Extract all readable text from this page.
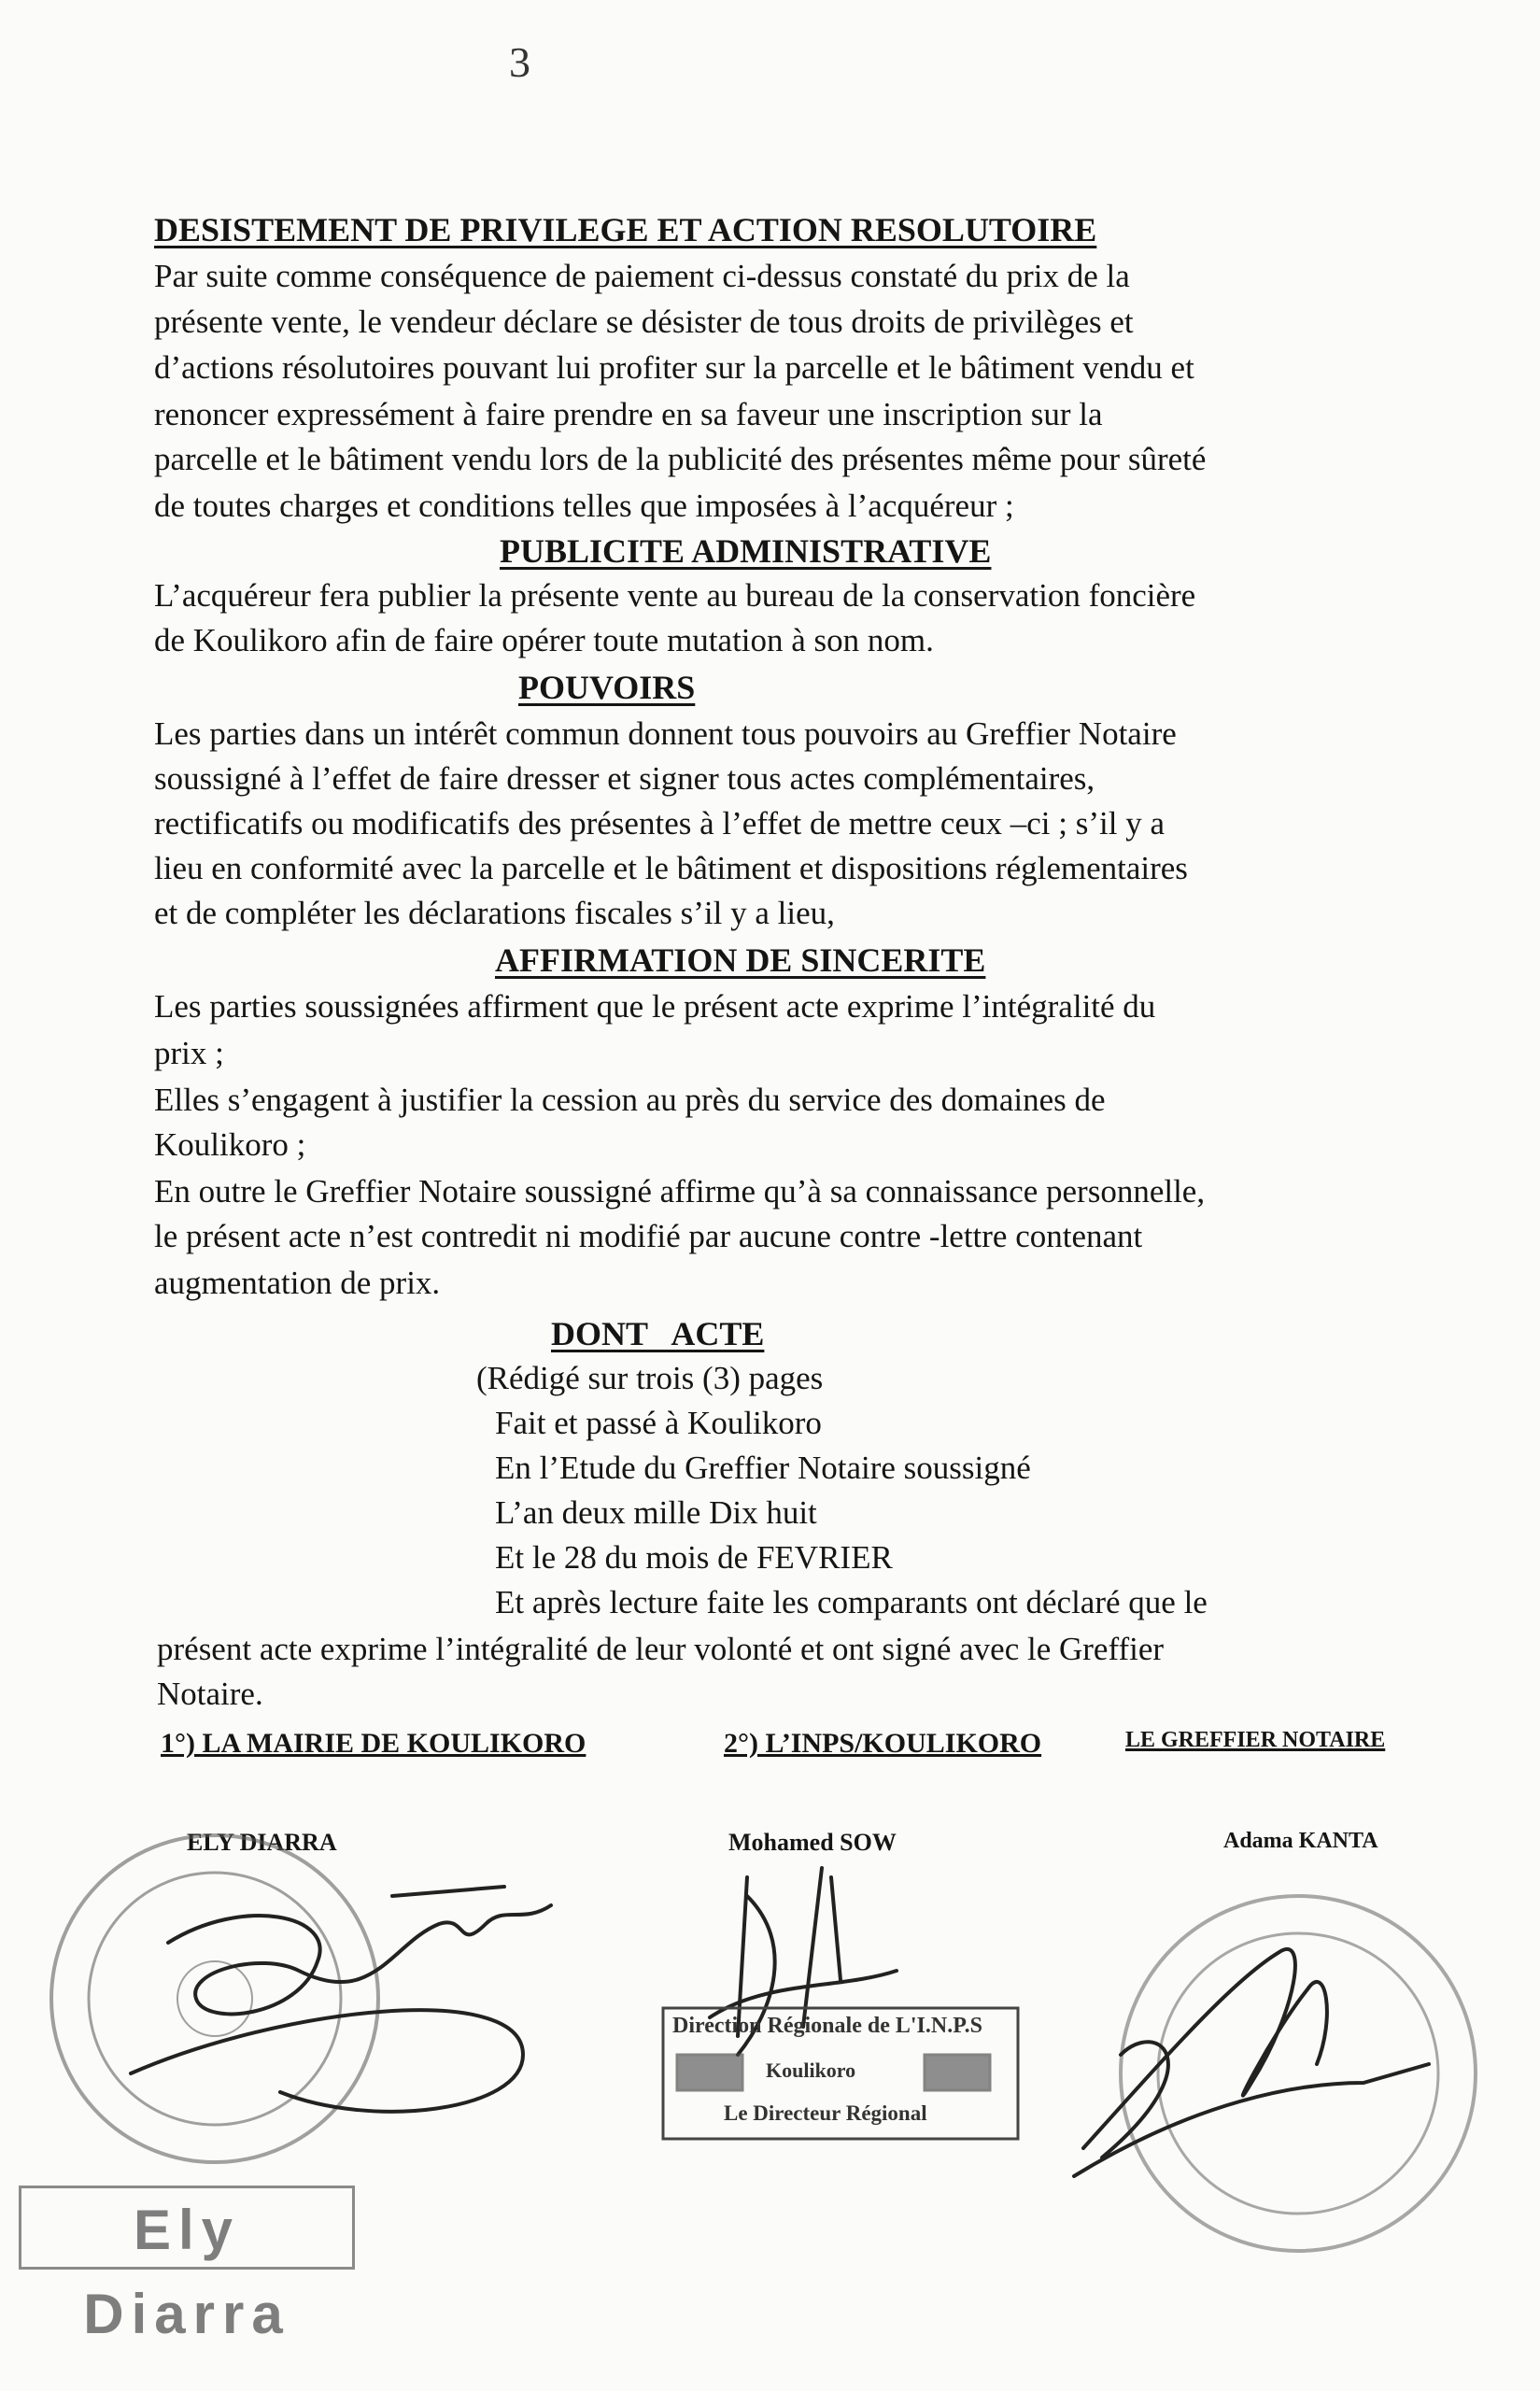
3
DESISTEMENT DE PRIVILEGE ET ACTION RESOLUTOIRE
Par suite comme conséquence de paiement ci-dessus constaté du prix de la
présente vente, le vendeur déclare se désister de tous droits de privilèges et
d’actions résolutoires pouvant lui profiter sur la parcelle et le bâtiment vendu et
renoncer expressément à faire prendre en sa faveur une inscription sur la
parcelle et le bâtiment vendu lors de la publicité des présentes même pour sûreté
de toutes charges et conditions telles que imposées à l’acquéreur ;
PUBLICITE ADMINISTRATIVE
L’acquéreur fera publier la présente vente au bureau de la conservation foncière
de Koulikoro afin de faire opérer toute mutation à son nom.
POUVOIRS
Les parties dans un intérêt commun donnent tous pouvoirs au Greffier Notaire
soussigné à l’effet de faire dresser et signer tous actes complémentaires,
rectificatifs ou modificatifs des présentes à l’effet de mettre ceux –ci ; s’il y a
lieu en conformité avec la parcelle et le bâtiment et dispositions réglementaires
et de compléter les déclarations fiscales s’il y a lieu,
AFFIRMATION DE SINCERITE
Les parties soussignées affirment que le présent acte exprime l’intégralité du
prix ;
Elles s’engagent à justifier la cession au près du service des domaines de
Koulikoro ;
En outre le Greffier Notaire soussigné affirme qu’à sa connaissance personnelle,
le présent acte n’est contredit ni modifié par aucune contre -lettre contenant
augmentation de prix.
DONT   ACTE
(Rédigé sur trois (3) pages
Fait et passé à Koulikoro
En l’Etude du Greffier Notaire soussigné
L’an deux mille Dix huit
Et le 28 du mois de FEVRIER
Et après lecture faite les comparants ont déclaré que le
présent acte exprime l’intégralité de leur volonté et ont signé avec le Greffier
Notaire.
1°) LA MAIRIE DE KOULIKORO	2°) L’INPS/KOULIKORO	LE GREFFIER NOTAIRE
ELY DIARRA	Mohamed SOW	Adama KANTA
Direction Régionale de L'I.N.P.S
Koulikoro
Le Directeur Régional
Ely Diarra
